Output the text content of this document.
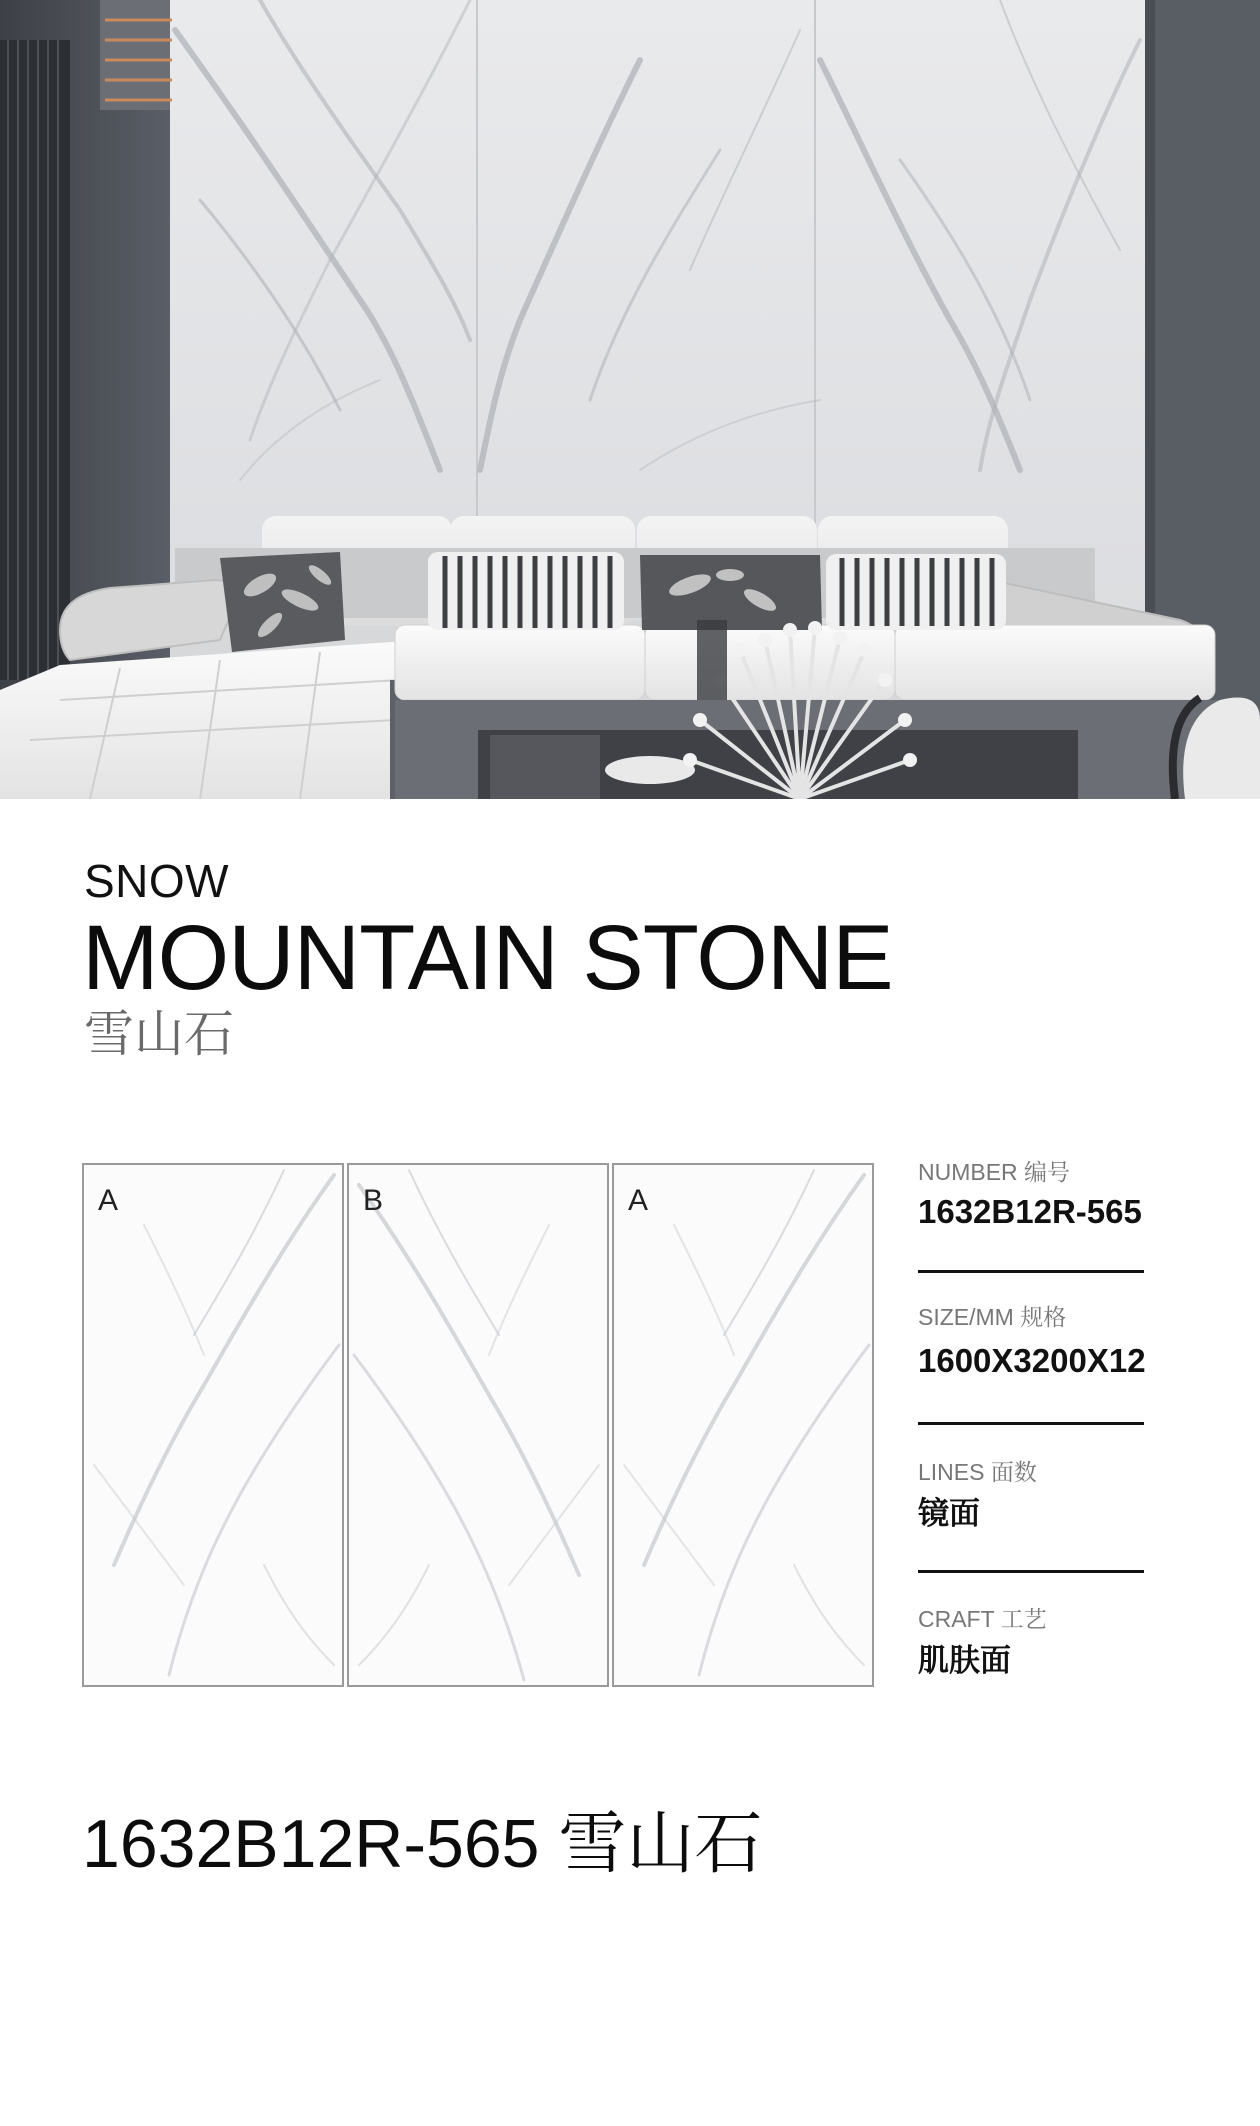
SNOW
MOUNTAIN STONE
雪山石
A	B	A
NUMBER 编号
1632B12R-565
SIZE/MM 规格
1600X3200X12
LINES 面数
镜面
CRAFT 工艺
肌肤面
1632B12R-565 雪山石
